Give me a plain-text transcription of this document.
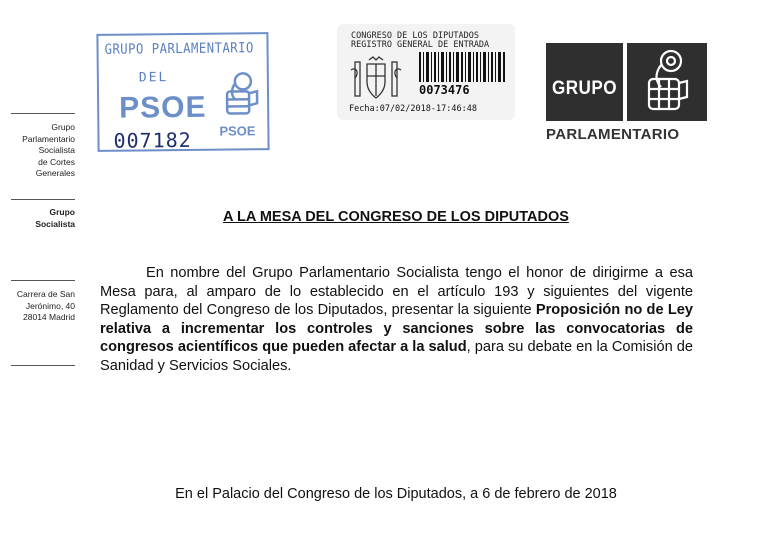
GRUPO PARLAMENTARIO
DEL
PSOE
007182 PSOE
CONGRESO DE LOS DIPUTADOS
REGISTRO GENERAL DE ENTRADA
0073476
Fecha:07/02/2018-17:46:48
GRUPO
PARLAMENTARIO
Grupo
Parlamentario
Socialista
de Cortes
Generales
Grupo
Socialista
Carrera de San
Jerónimo, 40
28014 Madrid
A LA MESA DEL CONGRESO DE LOS DIPUTADOS
En nombre del Grupo Parlamentario Socialista tengo el honor de dirigirme a esa Mesa para, al amparo de lo establecido en el artículo 193 y siguientes del vigente Reglamento del Congreso de los Diputados, presentar la siguiente Proposición no de Ley relativa a incrementar los controles y sanciones sobre las convocatorias de congresos acientíficos que pueden afectar a la salud, para su debate en la Comisión de Sanidad y Servicios Sociales.
En el Palacio del Congreso de los Diputados, a 6 de febrero de 2018
